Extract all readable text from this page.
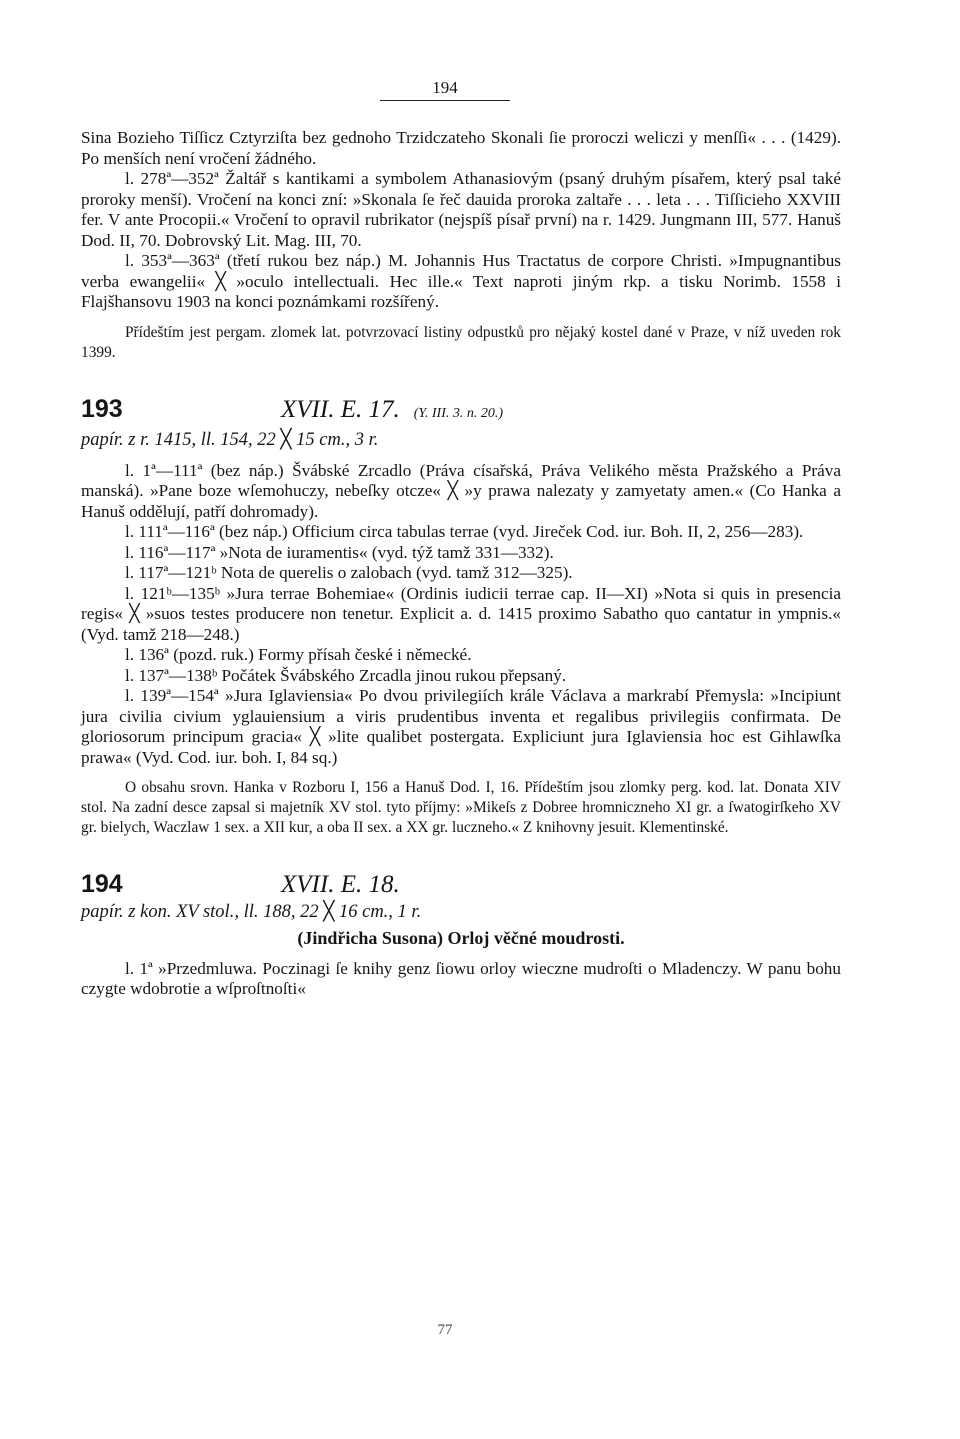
194

Sina Bozieho Tiſſicz Cztyrziſta bez gednoho Trzidczateho Skonali ſie proroczi weliczi y menſſi« . . . (1429). Po menších není vročení žádného.

l. 278ª—352ª Žaltář s kantikami a symbolem Athanasiovým (psaný druhým písařem, který psal také proroky menší). Vročení na konci zní: »Skonala ſe řeč dauida proroka zaltaře . . . leta . . . Tiſſicieho XXVIII fer. V ante Procopii.« Vročení to opravil rubrikator (nejspíš písař první) na r. 1429. Jungmann III, 577. Hanuš Dod. II, 70. Dobrovský Lit. Mag. III, 70.

l. 353ª—363ª (třetí rukou bez náp.) M. Johannis Hus Tractatus de corpore Christi. »Impugnantibus verba ewangelii« ╳ »oculo intellectuali. Hec ille.« Text naproti jiným rkp. a tisku Norimb. 1558 i Flajšhansovu 1903 na konci poznámkami rozšířený.

Přídeštím jest pergam. zlomek lat. potvrzovací listiny odpustků pro nějaký kostel dané v Praze, v níž uveden rok 1399.

193	XVII. E. 17. (Y. III. 3. n. 20.)
papír. z r. 1415, ll. 154, 22 ╳ 15 cm., 3 r.

l. 1ª—111ª (bez náp.) Švábské Zrcadlo (Práva císařská, Práva Velikého města Pražského a Práva manská). »Pane boze wſemohuczy, nebeſky otcze« ╳ »y prawa nalezaty y zamyetaty amen.« (Co Hanka a Hanuš oddělují, patří dohromady).

l. 111ª—116ª (bez náp.) Officium circa tabulas terrae (vyd. Jireček Cod. iur. Boh. II, 2, 256—283).

l. 116ª—117ª »Nota de iuramentis« (vyd. týž tamž 331—332).

l. 117ª—121ᵇ Nota de querelis o zalobach (vyd. tamž 312—325).

l. 121ᵇ—135ᵇ »Jura terrae Bohemiae« (Ordinis iudicii terrae cap. II—XI) »Nota si quis in presencia regis« ╳ »suos testes producere non tenetur. Explicit a. d. 1415 proximo Sabatho quo cantatur in ympnis.« (Vyd. tamž 218—248.)

l. 136ª (pozd. ruk.) Formy přísah české i německé.

l. 137ª—138ᵇ Počátek Švábského Zrcadla jinou rukou přepsaný.

l. 139ª—154ª »Jura Iglaviensia« Po dvou privilegiích krále Václava a markrabí Přemysla: »Incipiunt jura civilia civium yglauiensium a viris prudentibus inventa et regalibus privilegiis confirmata. De gloriosorum principum gracia« ╳ »lite qualibet postergata. Expliciunt jura Iglaviensia hoc est Gihlawſka prawa« (Vyd. Cod. iur. boh. I, 84 sq.)

O obsahu srovn. Hanka v Rozboru I, 156 a Hanuš Dod. I, 16. Přídeštím jsou zlomky perg. kod. lat. Donata XIV stol. Na zadní desce zapsal si majetník XV stol. tyto příjmy: »Mikeſs z Dobree hromniczneho XI gr. a ſwatogirſkeho XV gr. bielych, Waczlaw 1 sex. a XII kur, a oba II sex. a XX gr. luczneho.« Z knihovny jesuit. Klementinské.

194	XVII. E. 18.
papír. z kon. XV stol., ll. 188, 22 ╳ 16 cm., 1 r.
(Jindřicha Susona) Orloj věčné moudrosti.

l. 1ª »Przedmluwa. Poczinagi ſe knihy genz ſiowu orloy wieczne mudroſti o Mladenczy. W panu bohu czygte wdobrotie a wſproſtnoſti«

77
